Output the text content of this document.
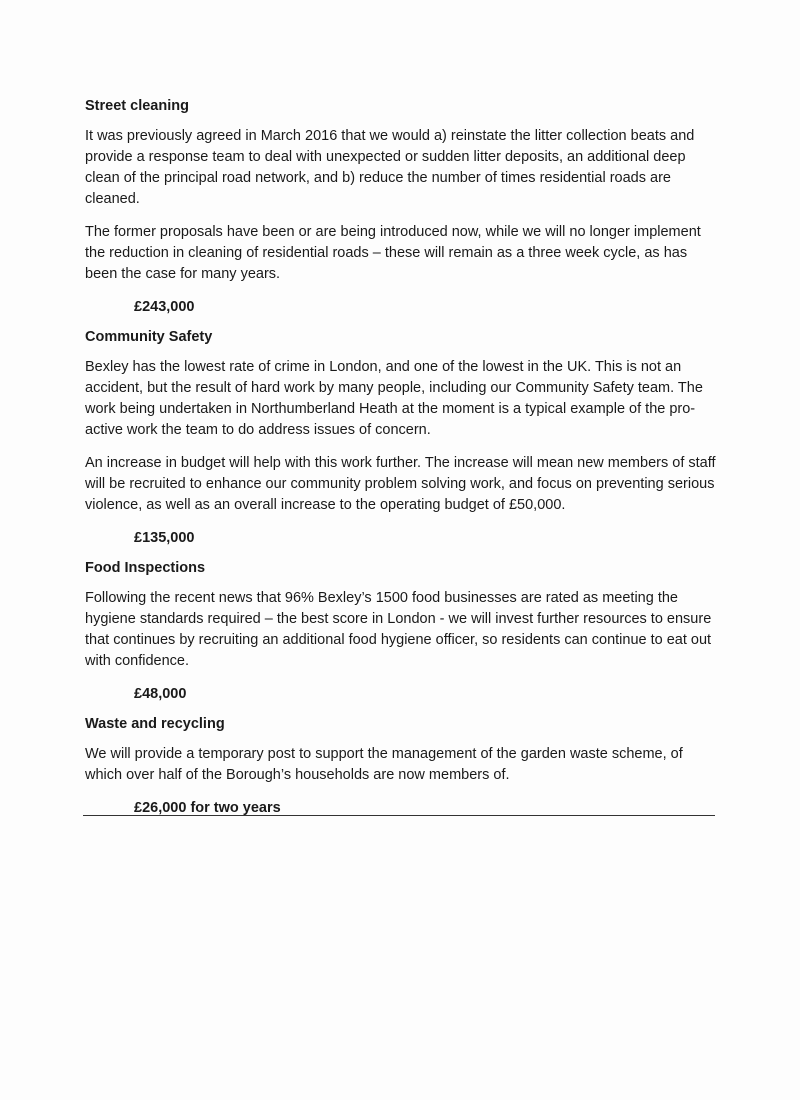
Street cleaning

It was previously agreed in March 2016 that we would a) reinstate the litter collection beats and provide a response team to deal with unexpected or sudden litter deposits, an additional deep clean of the principal road network, and b) reduce the number of times residential roads are cleaned.

The former proposals have been or are being introduced now, while we will no longer implement the reduction in cleaning of residential roads – these will remain as a three week cycle, as has been the case for many years.

£243,000
Community Safety

Bexley has the lowest rate of crime in London, and one of the lowest in the UK. This is not an accident, but the result of hard work by many people, including our Community Safety team. The work being undertaken in Northumberland Heath at the moment is a typical example of the pro-active work the team to do address issues of concern.

An increase in budget will help with this work further. The increase will mean new members of staff will be recruited to enhance our community problem solving work, and focus on preventing serious violence, as well as an overall increase to the operating budget of £50,000.

£135,000
Food Inspections

Following the recent news that 96% Bexley’s 1500 food businesses are rated as meeting the hygiene standards required – the best score in London - we will invest further resources to ensure that continues by recruiting an additional food hygiene officer, so residents can continue to eat out with confidence.

£48,000
Waste and recycling

We will provide a temporary post to support the management of the garden waste scheme, of which over half of the Borough’s households are now members of.

£26,000 for two years
